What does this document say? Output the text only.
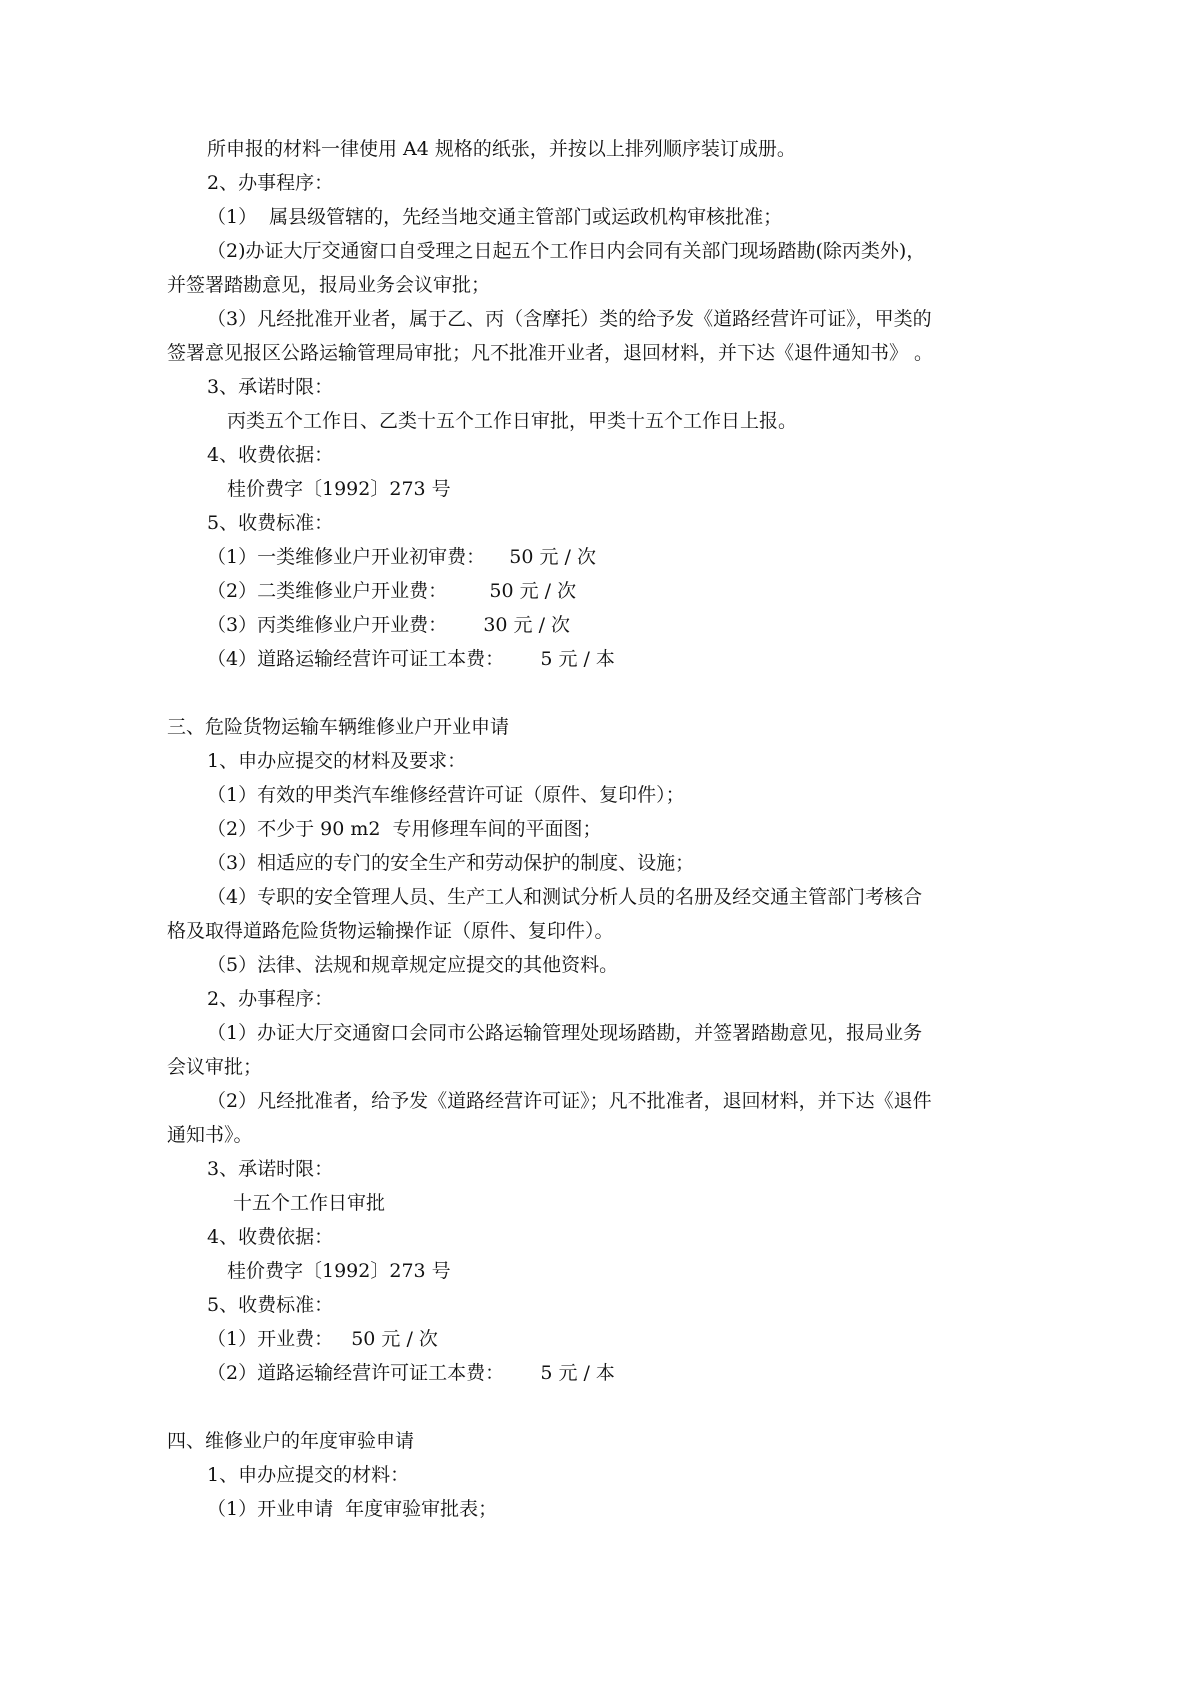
所申报的材料一律使用 A4 规格的纸张，并按以上排列顺序装订成册。

2、办事程序：

（1）  属县级管辖的，先经当地交通主管部门或运政机构审核批准；

（2)办证大厅交通窗口自受理之日起五个工作日内会同有关部门现场踏勘(除丙类外)，

并签署踏勘意见，报局业务会议审批；

（3）凡经批准开业者，属于乙、丙（含摩托）类的给予发《道路经营许可证》，甲类的

签署意见报区公路运输管理局审批；凡不批准开业者，退回材料，并下达《退件通知书》 。

3、承诺时限：

丙类五个工作日、乙类十五个工作日审批，甲类十五个工作日上报。

4、收费依据：

桂价费字〔1992〕273 号

5、收费标准：

（1）一类维修业户开业初审费：    50 元 / 次

（2）二类维修业户开业费：       50 元 / 次

（3）丙类维修业户开业费：      30 元 / 次

（4）道路运输经营许可证工本费：      5 元 / 本

三、危险货物运输车辆维修业户开业申请

1、申办应提交的材料及要求：

（1）有效的甲类汽车维修经营许可证（原件、复印件）；

（2）不少于 90 m2  专用修理车间的平面图；

（3）相适应的专门的安全生产和劳动保护的制度、设施；

（4）专职的安全管理人员、生产工人和测试分析人员的名册及经交通主管部门考核合

格及取得道路危险货物运输操作证（原件、复印件）。

（5）法律、法规和规章规定应提交的其他资料。

2、办事程序：

（1）办证大厅交通窗口会同市公路运输管理处现场踏勘，并签署踏勘意见，报局业务

会议审批；

（2）凡经批准者，给予发《道路经营许可证》；凡不批准者，退回材料，并下达《退件

通知书》。

3、承诺时限：

十五个工作日审批

4、收费依据：

桂价费字〔1992〕273 号

5、收费标准：

（1）开业费：   50 元 / 次

（2）道路运输经营许可证工本费：      5 元 / 本

四、维修业户的年度审验申请

1、申办应提交的材料：

（1）开业申请  年度审验审批表；
